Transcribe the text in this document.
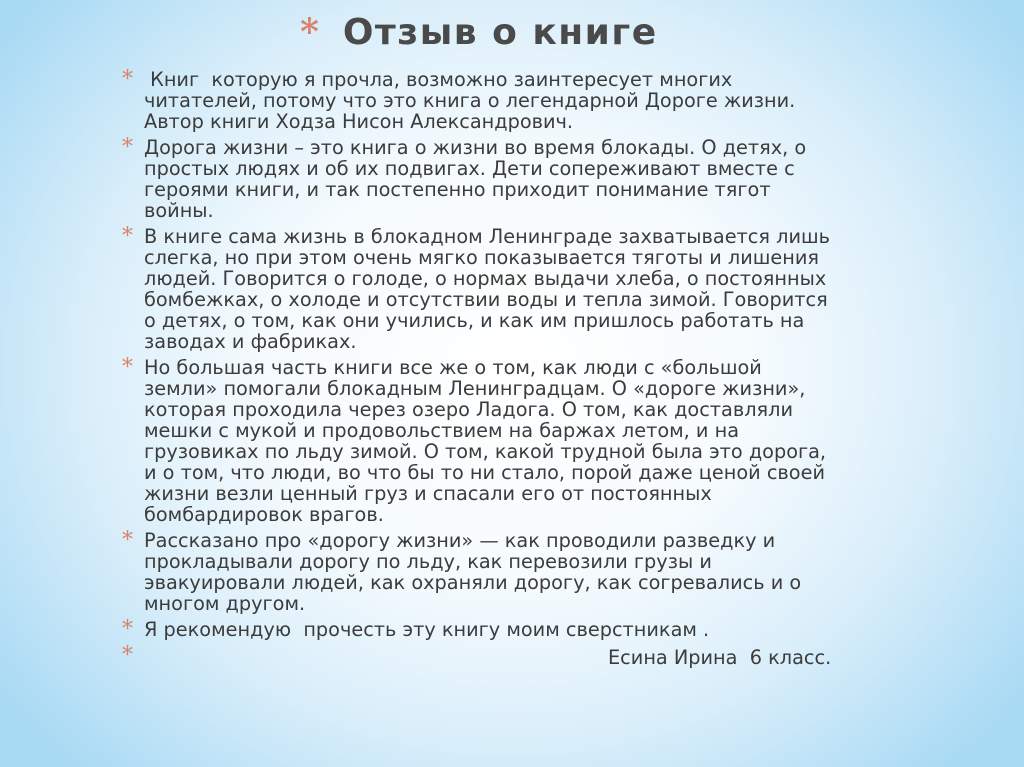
* Отзыв о книге
* Книг  которую я прочла, возможно заинтересует многих
читателей, потому что это книга о легендарной Дороге жизни.
Автор книги Ходза Нисон Александрович.
* Дорога жизни – это книга о жизни во время блокады. О детях, о
простых людях и об их подвигах. Дети сопереживают вместе с
героями книги, и так постепенно приходит понимание тягот
войны.
* В книге сама жизнь в блокадном Ленинграде захватывается лишь
слегка, но при этом очень мягко показывается тяготы и лишения
людей. Говорится о голоде, о нормах выдачи хлеба, о постоянных
бомбежках, о холоде и отсутствии воды и тепла зимой. Говорится
о детях, о том, как они учились, и как им пришлось работать на
заводах и фабриках.
* Но большая часть книги все же о том, как люди с «большой
земли» помогали блокадным Ленинградцам. О «дороге жизни»,
которая проходила через озеро Ладога. О том, как доставляли
мешки с мукой и продовольствием на баржах летом, и на
грузовиках по льду зимой. О том, какой трудной была это дорога,
и о том, что люди, во что бы то ни стало, порой даже ценой своей
жизни везли ценный груз и спасали его от постоянных
бомбардировок врагов.
* Рассказано про «дорогу жизни» — как проводили разведку и
прокладывали дорогу по льду, как перевозили грузы и
эвакуировали людей, как охраняли дорогу, как согревались и о
многом другом.
* Я рекомендую  прочесть эту книгу моим сверстникам .
*	Есина Ирина  6 класс.
